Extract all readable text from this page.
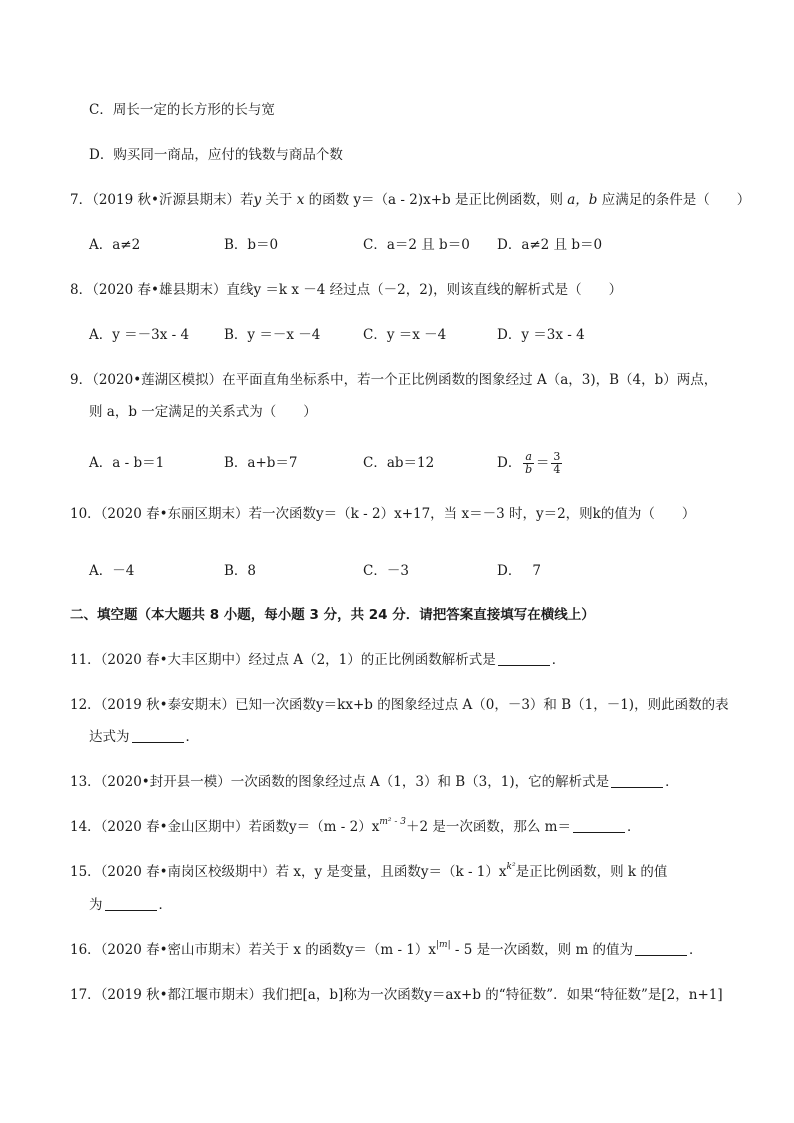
C．周长一定的长方形的长与宽
D．购买同一商品，应付的钱数与商品个数
7．（2019 秋•沂源县期末）若y 关于 x 的函数 y＝（a - 2)x+b 是正比例函数，则 a，b 应满足的条件是（　　）
A．a≠2	B．b＝0	C．a＝2 且 b＝0 D．a≠2 且 b＝0
8．（2020 春•雄县期末）直线y ＝k x －4 经过点（－2，2)，则该直线的解析式是（　　）
A．y ＝－3x - 4	B．y ＝－x －4	C．y ＝x －4	D．y ＝3x - 4
9．（2020•莲湖区模拟）在平面直角坐标系中，若一个正比例函数的图象经过 A（a，3)，B（4，b）两点，
则 a，b 一定满足的关系式为（　　）
A．a - b＝1	B．a+b＝7	C．ab＝12	D． $\frac{a}{b} = \frac{3}{4}$
10．（2020 春•东丽区期末）若一次函数y＝（k - 2）x+17，当 x＝－3 时，y＝2，则k的值为（　　）
A．－4	B．8	C．－3	D．　 7
二、填空题（本大题共 8 小题，每小题 3 分，共 24 分．请把答案直接填写在横线上）
11．（2020 春•大丰区期中）经过点 A（2，1）的正比例函数解析式是	．
12．（2019 秋•泰安期末）已知一次函数y＝kx+b 的图象经过点 A（0，－3）和 B（1，－1)，则此函数的表
达式为	．
13．（2020•封开县一模）一次函数的图象经过点 A（1，3）和 B（3，1)，它的解析式是	．
14．（2020 春•金山区期中）若函数$y=(m - 2)x^{m^2 - 3}+2$ 是一次函数，那么 m＝	．
15．（2020 春•南岗区校级期中）若 x，y 是变量，且函数$y=(k - 1)x^{k^2}$是正比例函数，则 k 的值
为	．
16．（2020 春•密山市期末）若关于 x 的函数$y=(m - 1)x^{|m|} - 5$ 是一次函数，则 m 的值为	．
17．（2019 秋•都江堰市期末）我们把[a，b]称为一次函数y＝ax+b 的“特征数”．如果“特征数”是[2，n+1]
